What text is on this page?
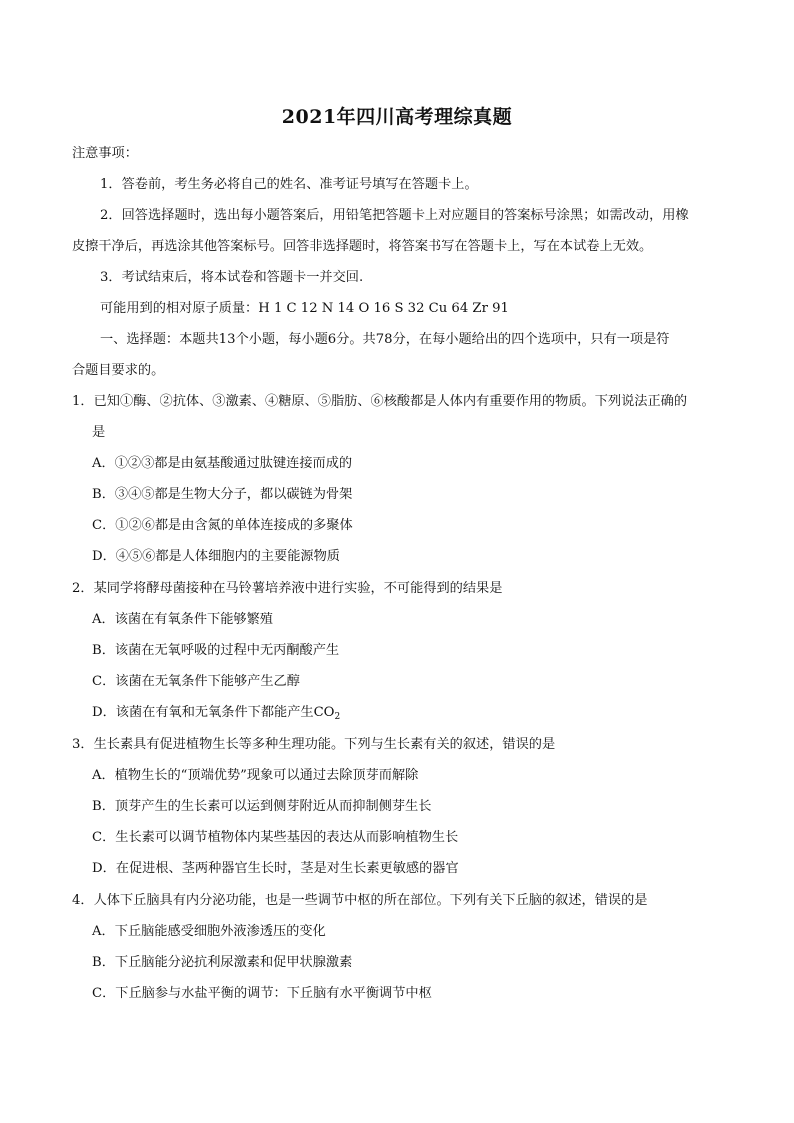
2021年四川高考理综真题
注意事项：
1．答卷前，考生务必将自己的姓名、准考证号填写在答题卡上。
2．回答选择题时，选出每小题答案后，用铅笔把答题卡上对应题目的答案标号涂黑；如需改动，用橡
皮擦干净后，再选涂其他答案标号。回答非选择题时，将答案书写在答题卡上，写在本试卷上无效。
3．考试结束后，将本试卷和答题卡一并交回.
可能用到的相对原子质量：H 1 C 12 N 14 O 16 S 32 Cu 64 Zr 91
一、选择题：本题共13个小题，每小题6分。共78分，在每小题给出的四个选项中，只有一项是符
合题目要求的。
1．已知①酶、②抗体、③激素、④糖原、⑤脂肪、⑥核酸都是人体内有重要作用的物质。下列说法正确的
是
A．①②③都是由氨基酸通过肽键连接而成的
B．③④⑤都是生物大分子，都以碳链为骨架
C．①②⑥都是由含氮的单体连接成的多聚体
D．④⑤⑥都是人体细胞内的主要能源物质
2．某同学将酵母菌接种在马铃薯培养液中进行实验，不可能得到的结果是
A．该菌在有氧条件下能够繁殖
B．该菌在无氧呼吸的过程中无丙酮酸产生
C．该菌在无氧条件下能够产生乙醇
D．该菌在有氧和无氧条件下都能产生$CO_2$
3．生长素具有促进植物生长等多种生理功能。下列与生长素有关的叙述，错误的是
A．植物生长的“顶端优势”现象可以通过去除顶芽而解除
B．顶芽产生的生长素可以运到侧芽附近从而抑制侧芽生长
C．生长素可以调节植物体内某些基因的表达从而影响植物生长
D．在促进根、茎两种器官生长时，茎是对生长素更敏感的器官
4．人体下丘脑具有内分泌功能，也是一些调节中枢的所在部位。下列有关下丘脑的叙述，错误的是
A．下丘脑能感受细胞外液渗透压的变化
B．下丘脑能分泌抗利尿激素和促甲状腺激素
C．下丘脑参与水盐平衡的调节：下丘脑有水平衡调节中枢
